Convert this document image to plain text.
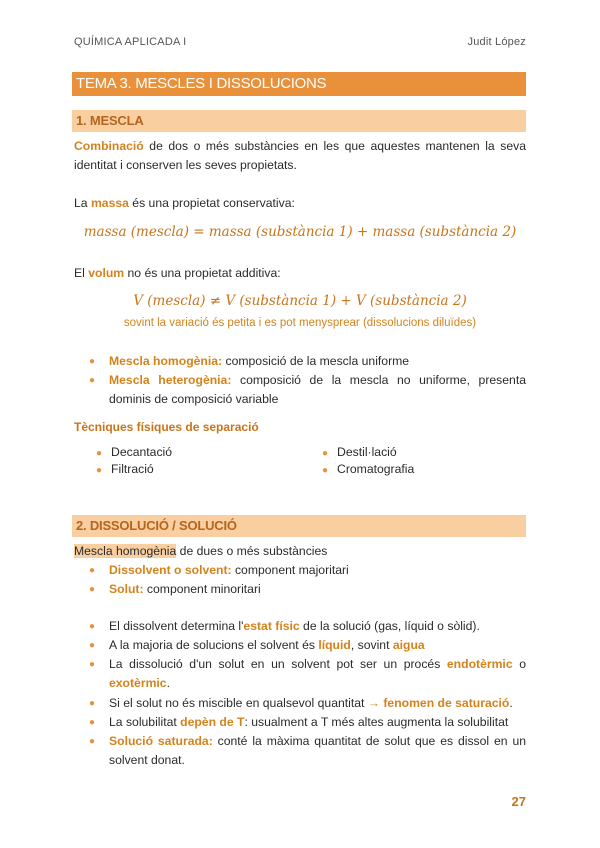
QUÍMICA APLICADA I	Judit López
TEMA 3. MESCLES I DISSOLUCIONS
1. MESCLA
Combinació de dos o més substàncies en les que aquestes mantenen la seva identitat i conserven les seves propietats.
La massa és una propietat conservativa:
massa (mescla) = massa (substància 1) + massa (substància 2)
El volum no és una propietat additiva:
V (mescla) ≠ V (substància 1) + V (substància 2)
sovint la variació és petita i es pot menysprear (dissolucions diluïdes)
●	Mescla homogènia: composició de la mescla uniforme
●	Mescla heterogènia: composició de la mescla no uniforme, presenta dominis de composició variable
Tècniques físiques de separació
● Decantació
● Filtració
● Destil·lació
● Cromatografia
2. DISSOLUCIÓ / SOLUCIÓ
Mescla homogènia de dues o més substàncies
●	Dissolvent o solvent: component majoritari
●	Solut: component minoritari
●	El dissolvent determina l'estat físic de la solució (gas, líquid o sòlid).
●	A la majoria de solucions el solvent és líquid, sovint aigua
●	La dissolució d'un solut en un solvent pot ser un procés endotèrmic o exotèrmic.
●	Si el solut no és miscible en qualsevol quantitat → fenomen de saturació.
●	La solubilitat depèn de T: usualment a T més altes augmenta la solubilitat
●	Solució saturada: conté la màxima quantitat de solut que es dissol en un solvent donat.
27
